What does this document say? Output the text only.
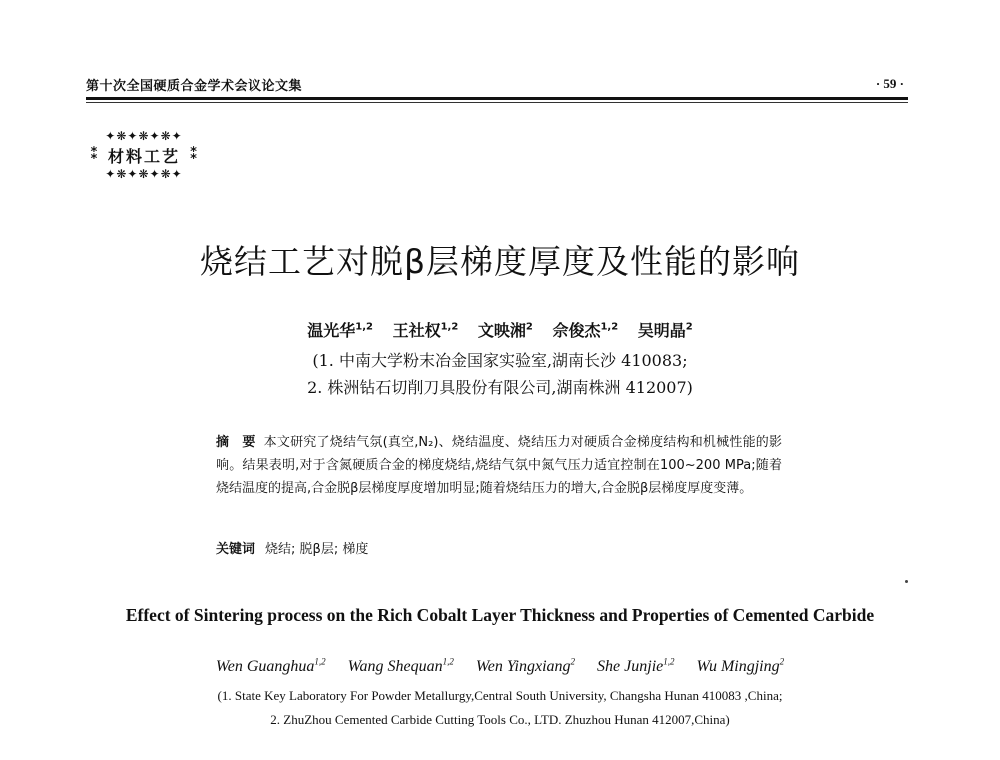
第十次全国硬质合金学术会议论文集	· 59 ·
✦❋✦❋✦❋✦
⁑ 材料工艺 ⁑
✦❋✦❋✦❋✦
烧结工艺对脱β层梯度厚度及性能的影响
温光华$^{1,2}$ 王社权$^{1,2}$ 文映湘$^2$ 佘俊杰$^{1,2}$ 吴明晶$^2$
(1. 中南大学粉末冶金国家实验室,湖南长沙 410083;
2. 株洲钻石切削刀具股份有限公司,湖南株洲 412007)
摘　要 本文研究了烧结气氛(真空,N₂)、烧结温度、烧结压力对硬质合金梯度结构和机械性能的影响。结果表明,对于含氮硬质合金的梯度烧结,烧结气氛中氮气压力适宜控制在100~200 MPa;随着烧结温度的提高,合金脱β层梯度厚度增加明显;随着烧结压力的增大,合金脱β层梯度厚度变薄。
关键词 烧结; 脱β层; 梯度
Effect of Sintering process on the Rich Cobalt Layer Thickness and Properties of Cemented Carbide
Wen Guanghua$^{1,2}$ Wang Shequan$^{1,2}$ Wen Yingxiang$^2$ She Junjie$^{1,2}$ Wu Mingjing$^2$
(1. State Key Laboratory For Powder Metallurgy,Central South University, Changsha Hunan 410083 ,China;
2. ZhuZhou Cemented Carbide Cutting Tools Co., LTD. Zhuzhou Hunan 412007,China)
